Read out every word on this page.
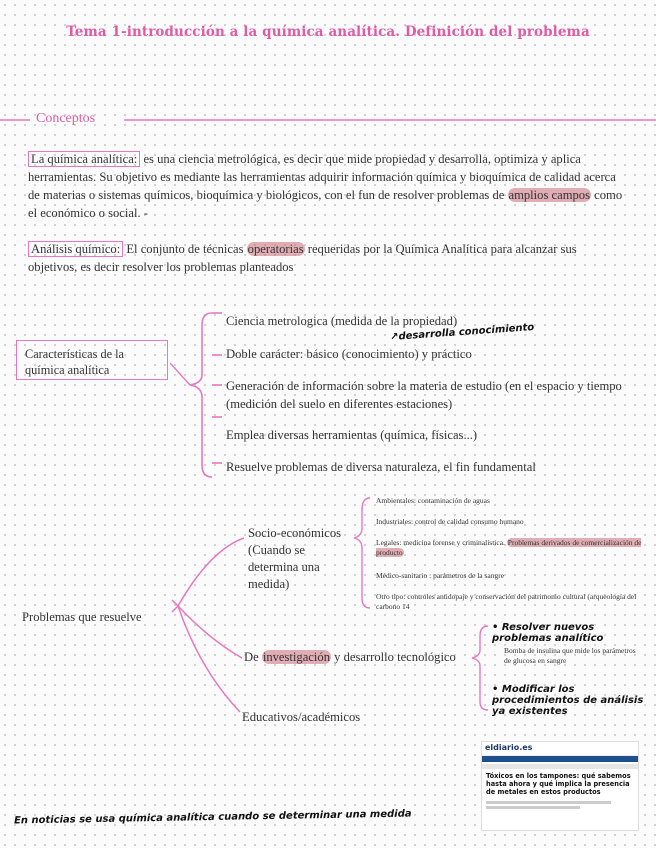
Tema 1-introducción a la química analítica. Definición del problema
Conceptos
La química analítica: es una ciencia metrológica, es decir que mide propiedad y desarrolla, optimiza y aplica herramientas. Su objetivo es mediante las herramientas adquirir información química y bioquímica de calidad acerca de materias o sistemas químicos, bioquímica y biológicos, con el fun de resolver problemas de amplios campos como el económico o social. -
Análisis químico: El conjunto de técnicas operatorias requeridas por la Química Analítica para alcanzar sus objetivos, es decir resolver los problemas planteados
Características de la química analítica
Ciencia metrologica (medida de la propiedad)
↗desarrolla conocimiento
Doble carácter: básico (conocimiento) y práctico
Generación de información sobre la materia de estudio (en el espacio y tiempo (medición del suelo en diferentes estaciones)
Emplea diversas herramientas (química, físicas...)
Resuelve problemas de diversa naturaleza, el fin fundamental
Problemas que resuelve
Socio-económicos (Cuando se determina una medida)
Ambientales: contaminación de aguas
Industriales: control de calidad consumo humano
Legales: medicina forense y criminalística. Problemas derivados de comercialización de producto
Médico-sanitario : parámetros de la sangre
Otro tipo: controles antidopaje y conservación del patrimonio cultural (arqueología del carbono 14
De investigación y desarrollo tecnológico
• Resolver nuevos problemas analítico
Bomba de insulina que mide los parámetros de glucosa en sangre
• Modificar los procedimientos de análisis ya existentes
Educativos/académicos
eldiario.es
Tóxicos en los tampones: qué sabemos hasta ahora y qué implica la presencia de metales en estos productos
En noticias se usa química analítica cuando se determinar una medida
